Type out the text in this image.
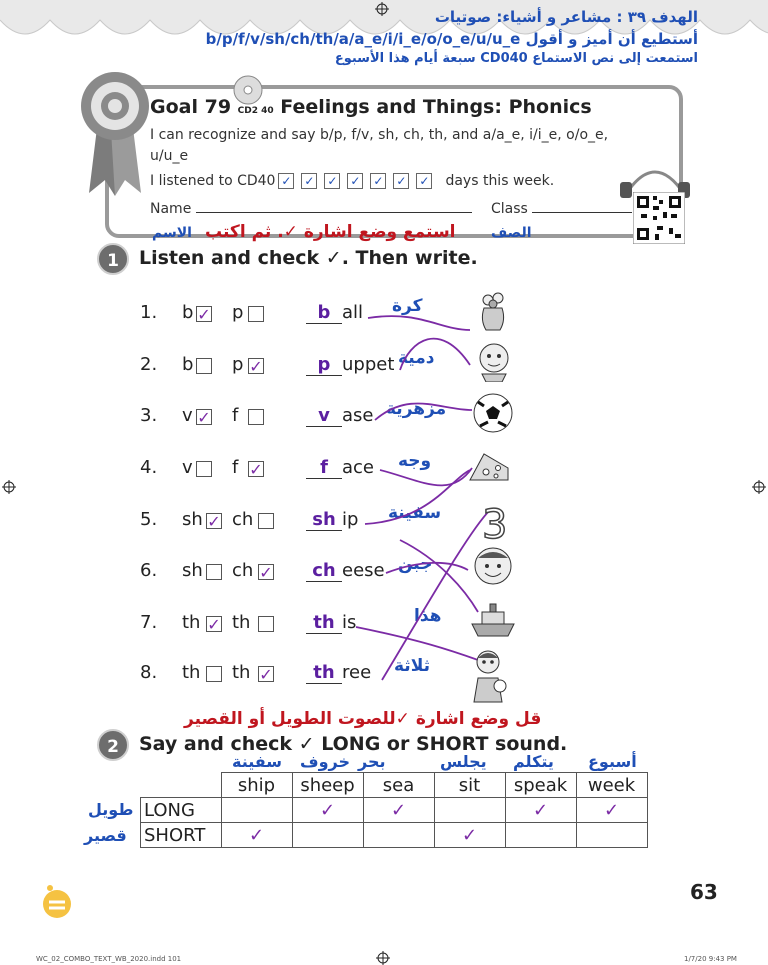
الهدف ٣٩ : مشاعر و أشياء: صوتيات
أستطيع أن أميز و أقول b/p/f/v/sh/ch/th/a/a_e/i/i_e/o/o_e/u/u_e
استمعت إلى نص الاستماع CD040 سبعة أيام هذا الأسبوع
Goal 79 CD2 40 Feelings and Things: Phonics
I can recognize and say b/p, f/v, sh, ch, th, and a/a_e, i/i_e, o/o_e,
u/u_e
I listened to CD40 ✓ ✓ ✓ ✓ ✓ ✓ ✓ days this week.
Name	Class
الاسم	الصف
استمع وضع اشارة ✓. ثم اكتب
1	Listen and check ✓. Then write.
1. b ✓ p	b all كرة
2. b p ✓	p uppet دمية
3. v ✓ f	v ase مزهرية
4. v f ✓	f ace وجه
5. sh ✓ ch	sh ip سفينة
6. sh ch ✓	ch eese جبن
7. th ✓ th	th is	هذا
8. th th ✓	th ree ثلاثة
3
قل وضع اشارة ✓للصوت الطويل أو القصير
2	Say and check ✓ LONG or SHORT sound.
سفينة خروف بحر	يجلس يتكلم أسبوع
	ship	sheep	sea	sit	speak	week
LONG		✓	✓		✓	✓
SHORT	✓			✓		
طويل
قصير
63
WC_02_COMBO_TEXT_WB_2020.indd 101	1/7/20 9:43 PM
